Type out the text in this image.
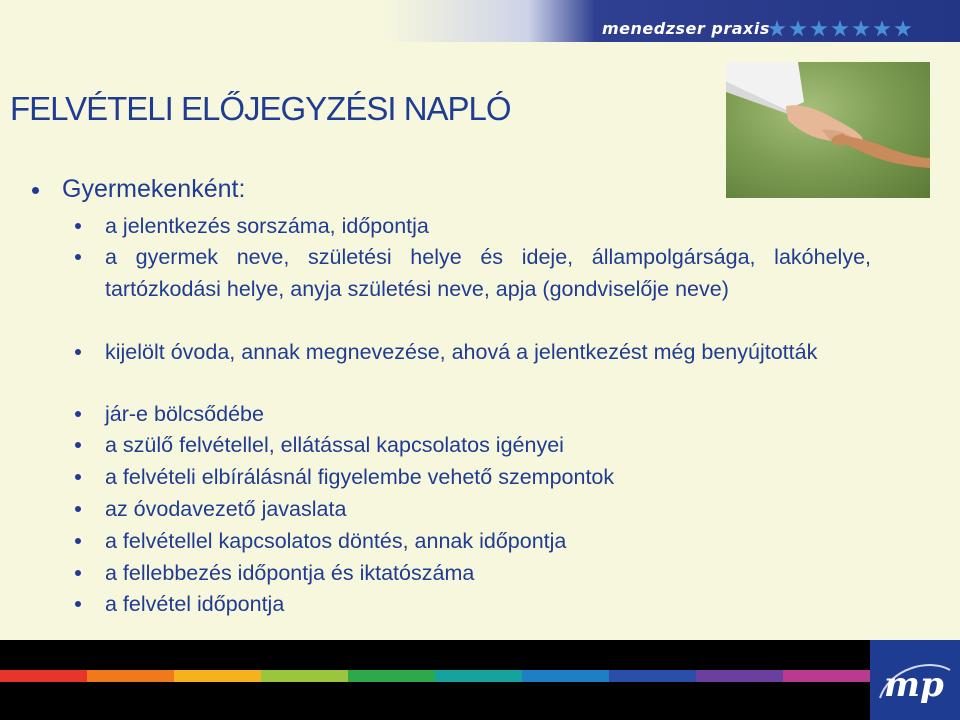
menedzser praxis
FELVÉTELI ELŐJEGYZÉSI NAPLÓ
Gyermekenként:
a jelentkezés sorszáma, időpontja
a gyermek neve, születési helye és ideje, állampolgársága, lakóhelye, tartózkodási helye, anyja születési neve, apja (gondviselője neve)
kijelölt óvoda, annak megnevezése, ahová a jelentkezést még benyújtották
jár-e bölcsődébe
a szülő felvétellel, ellátással kapcsolatos igényei
a felvételi elbírálásnál figyelembe vehető szempontok
az óvodavezető javaslata
a felvétellel kapcsolatos döntés, annak időpontja
a fellebbezés időpontja és iktatószáma
a felvétel időpontja
mp
